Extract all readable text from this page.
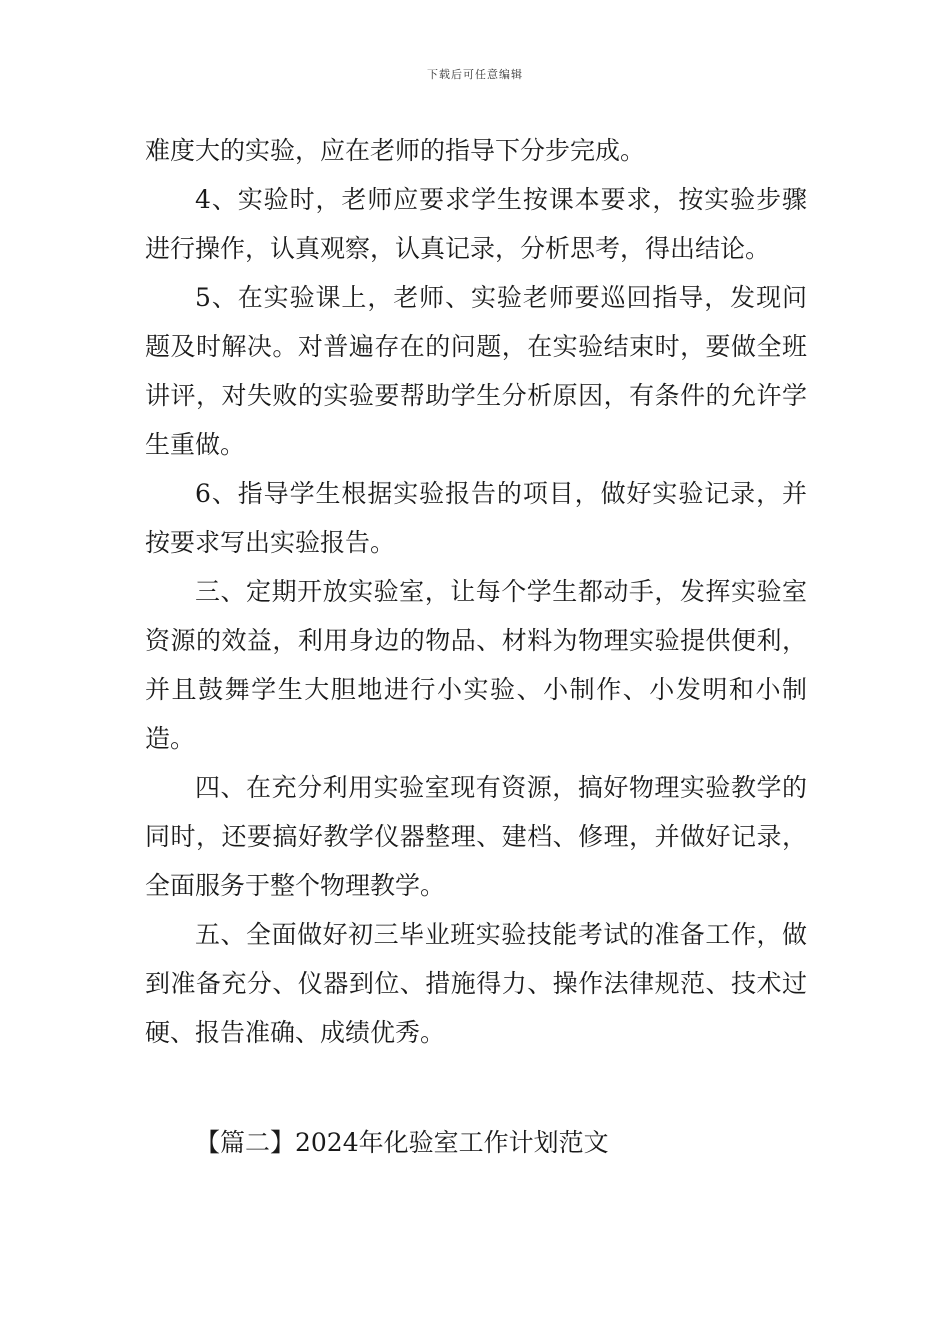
下载后可任意编辑

难度大的实验，应在老师的指导下分步完成。

4、实验时，老师应要求学生按课本要求，按实验步骤进行操作，认真观察，认真记录，分析思考，得出结论。

5、在实验课上，老师、实验老师要巡回指导，发现问题及时解决。对普遍存在的问题，在实验结束时，要做全班讲评，对失败的实验要帮助学生分析原因，有条件的允许学生重做。

6、指导学生根据实验报告的项目，做好实验记录，并按要求写出实验报告。

三、定期开放实验室，让每个学生都动手，发挥实验室资源的效益，利用身边的物品、材料为物理实验提供便利，并且鼓舞学生大胆地进行小实验、小制作、小发明和小制造。

四、在充分利用实验室现有资源，搞好物理实验教学的同时，还要搞好教学仪器整理、建档、修理，并做好记录，全面服务于整个物理教学。

五、全面做好初三毕业班实验技能考试的准备工作，做到准备充分、仪器到位、措施得力、操作法律规范、技术过硬、报告准确、成绩优秀。

【篇二】2024年化验室工作计划范文
